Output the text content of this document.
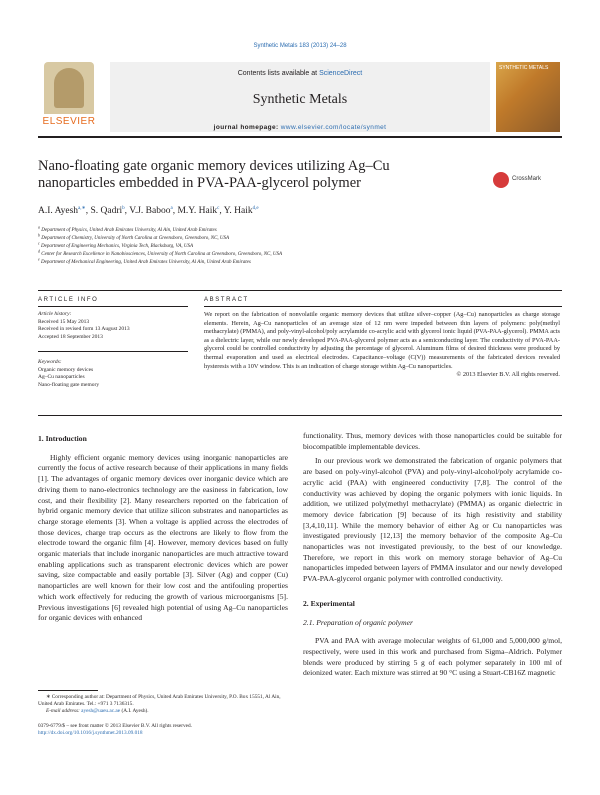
Synthetic Metals 183 (2013) 24–28
ELSEVIER
Contents lists available at ScienceDirect
Synthetic Metals
journal homepage: www.elsevier.com/locate/synmet
SYNTHETIC METALS
Nano-floating gate organic memory devices utilizing Ag–Cu
nanoparticles embedded in PVA-PAA-glycerol polymer	CrossMark
A.I. Ayesh$^{a,∗}$, S. Qadri$^b$, V.J. Baboo$^a$, M.Y. Haik$^c$, Y. Haik$^{d,e}$
$^a$ Department of Physics, United Arab Emirates University, Al Ain, United Arab Emirates
$^b$ Department of Chemistry, University of North Carolina at Greensboro, Greensboro, NC, USA
$^c$ Department of Engineering Mechanics, Virginia Tech, Blacksburg, VA, USA
$^d$ Center for Research Excellence in Nanobiosciences, University of North Carolina at Greensboro, Greensboro, NC, USA
$^e$ Department of Mechanical Engineering, United Arab Emirates University, Al Ain, United Arab Emirates
ARTICLE INFO	ABSTRACT
Article history:
Received 15 May 2013
Received in revised form 13 August 2013
Accepted 18 September 2013
Keywords:
Organic memory devices
Ag–Cu nanoparticles
Nano-floating gate memory
We report on the fabrication of nonvolatile organic memory devices that utilize silver–copper (Ag–Cu) nanoparticles as charge storage elements. Herein, Ag–Cu nanoparticles of an average size of 12 nm were impeded between thin layers of polymers: poly(methyl methacrylate) (PMMA), and poly-vinyl-alcohol/poly acrylamide co-acrylic acid with glycerol ionic liquid (PVA-PAA-glycerol). PMMA acts as a dielectric layer, while our newly developed PVA-PAA-glycerol polymer acts as a semiconducting layer. The conductivity of PVA-PAA-glycerol could be controlled conductivity by adjusting the percentage of glycerol. Aluminum films of desired thickness were produced by thermal evaporation and used as electrical electrodes. Capacitance–voltage (C(V)) measurements of the fabricated devices revealed hysteresis with a 10V window. This is an indication of charge storage within Ag–Cu nanoparticles.
© 2013 Elsevier B.V. All rights reserved.
1. Introduction

Highly efficient organic memory devices using inorganic nanoparticles are currently the focus of active research because of their applications in many fields [1]. The advantages of organic memory devices over inorganic device which are driving them to nano-electronics technology are the easiness in fabrication, low cost, and their flexibility [2]. Many researchers reported on the fabrication of hybrid organic memory device that utilize silicon substrates and nanoparticles as charge storage elements [3]. When a voltage is applied across the electrodes of those devices, charge trap occurs as the electrons are likely to flow from the electrode toward the organic film [4]. However, memory devices based on fully organic materials that include inorganic nanoparticles are much attractive toward enabling applications such as transparent electronic devices which are power saving, size compactable and easily portable [3]. Silver (Ag) and copper (Cu) nanoparticles are well known for their low cost and the antifouling properties which work effectively for reducing the growth of various microorganisms [5]. Previous investigations [6] revealed high potential of using Ag–Cu nanoparticles for organic devices with enhanced

∗ Corresponding author at: Department of Physics, United Arab Emirates University, P.O. Box 15551, Al Ain, United Arab Emirates. Tel.: +971 3 7136315.
E-mail address: ayesh@uaeu.ac.ae (A.I. Ayesh).
0379-6779/$ – see front matter © 2013 Elsevier B.V. All rights reserved.
http://dx.doi.org/10.1016/j.synthmet.2013.09.018
functionality. Thus, memory devices with those nanoparticles could be suitable for biocompatible implementable devices.

In our previous work we demonstrated the fabrication of organic polymers that are based on poly-vinyl-alcohol (PVA) and poly-vinyl-alcohol/poly acrylamide co-acrylic acid (PAA) with engineered conductivity [7,8]. The control of the conductivity was achieved by doping the organic polymers with ionic liquids. In addition, we utilized poly(methyl methacrylate) (PMMA) as organic dielectric in memory device fabrication [9] because of its high resistivity and stability [3,4,10,11]. While the memory behavior of either Ag or Cu nanoparticles was investigated previously [12,13] the memory behavior of the composite Ag–Cu nanoparticles was not investigated previously, to the best of our knowledge. Therefore, we report in this work on memory storage behavior of Ag–Cu nanoparticles impeded between layers of PMMA insulator and our newly developed PVA-PAA-glycerol organic polymer with controlled conductivity.

2. Experimental
2.1. Preparation of organic polymer

PVA and PAA with average molecular weights of 61,000 and 5,000,000 g/mol, respectively, were used in this work and purchased from Sigma–Aldrich. Polymer blends were produced by stirring 5 g of each polymer separately in 100 ml of deionized water. Each mixture was stirred at 90 °C using a Stuart-CB16Z magnetic
